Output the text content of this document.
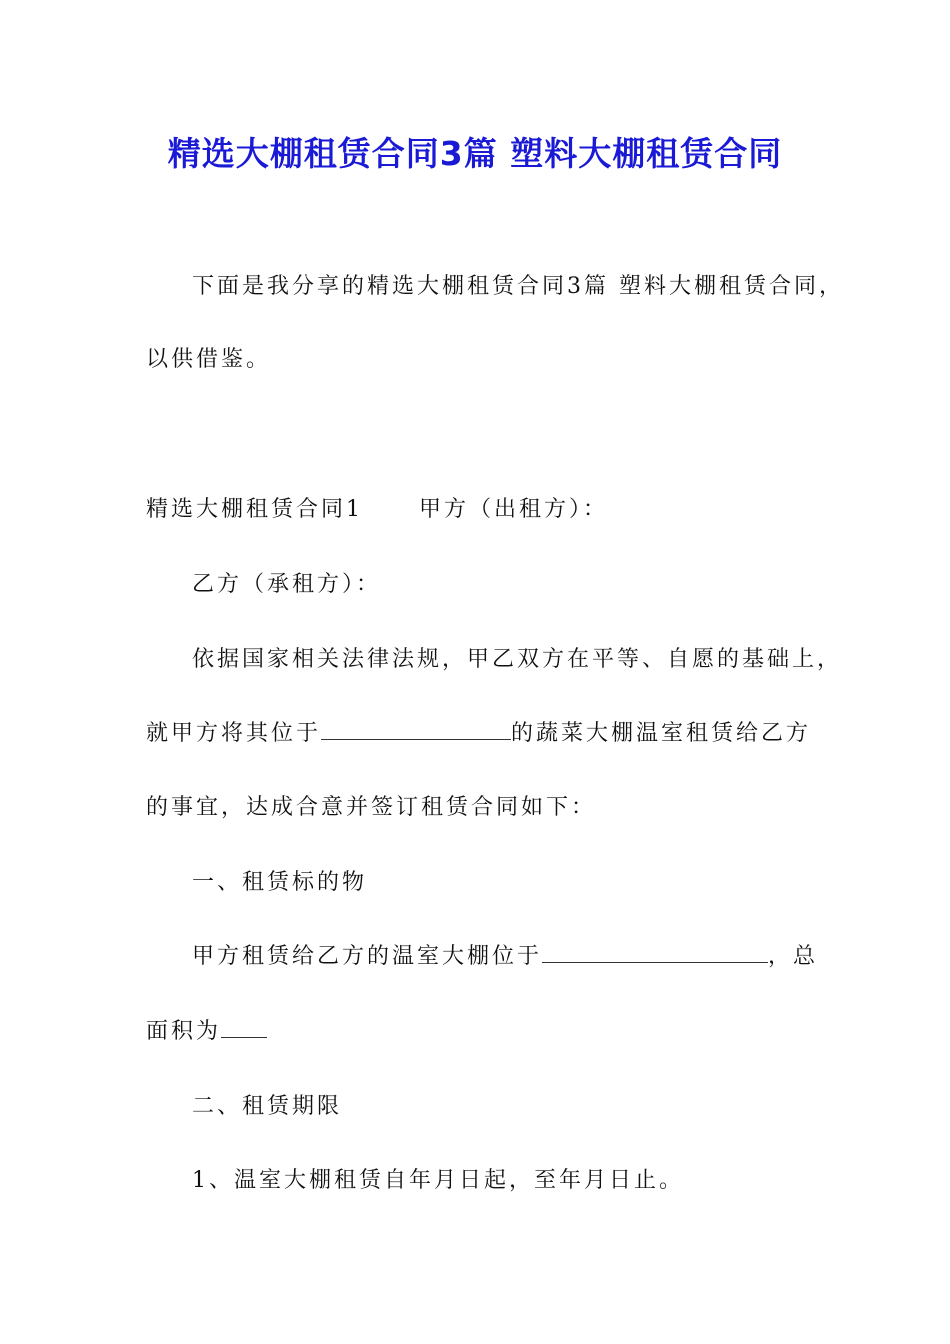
精选大棚租赁合同3篇 塑料大棚租赁合同
下面是我分享的精选大棚租赁合同3篇 塑料大棚租赁合同，
以供借鉴。
精选大棚租赁合同1	甲方（出租方）：
乙方（承租方）：
依据国家相关法律法规，甲乙双方在平等、自愿的基础上，
就甲方将其位于	的蔬菜大棚温室租赁给乙方
的事宜，达成合意并签订租赁合同如下：
一、租赁标的物
甲方租赁给乙方的温室大棚位于	，总
面积为
二、租赁期限
1、温室大棚租赁自年月日起，至年月日止。
